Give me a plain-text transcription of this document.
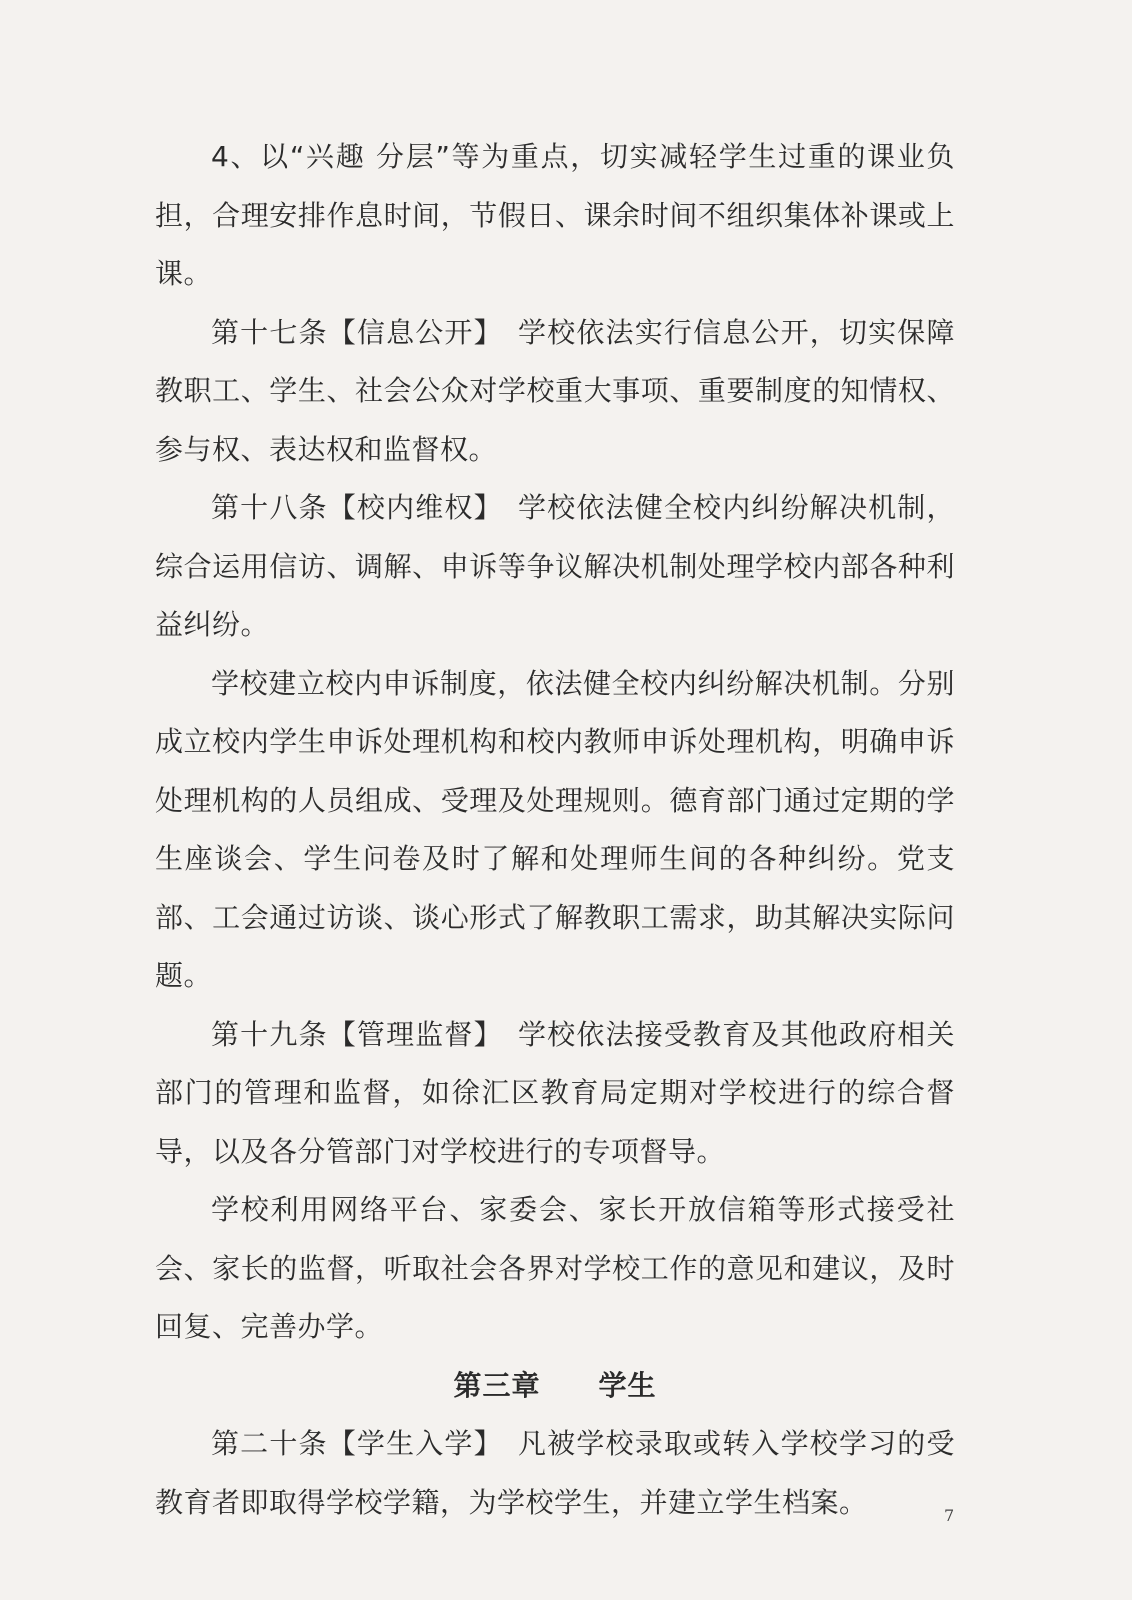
4、以“兴趣 分层”等为重点，切实减轻学生过重的课业负担，合理安排作息时间，节假日、课余时间不组织集体补课或上课。

第十七条【信息公开】　学校依法实行信息公开，切实保障教职工、学生、社会公众对学校重大事项、重要制度的知情权、参与权、表达权和监督权。

第十八条【校内维权】　学校依法健全校内纠纷解决机制，综合运用信访、调解、申诉等争议解决机制处理学校内部各种利益纠纷。

学校建立校内申诉制度，依法健全校内纠纷解决机制。分别成立校内学生申诉处理机构和校内教师申诉处理机构，明确申诉处理机构的人员组成、受理及处理规则。德育部门通过定期的学生座谈会、学生问卷及时了解和处理师生间的各种纠纷。党支部、工会通过访谈、谈心形式了解教职工需求，助其解决实际问题。

第十九条【管理监督】　学校依法接受教育及其他政府相关部门的管理和监督，如徐汇区教育局定期对学校进行的综合督导，以及各分管部门对学校进行的专项督导。

学校利用网络平台、家委会、家长开放信箱等形式接受社会、家长的监督，听取社会各界对学校工作的意见和建议，及时回复、完善办学。

第三章　　学生

第二十条【学生入学】　凡被学校录取或转入学校学习的受教育者即取得学校学籍，为学校学生，并建立学生档案。	7
